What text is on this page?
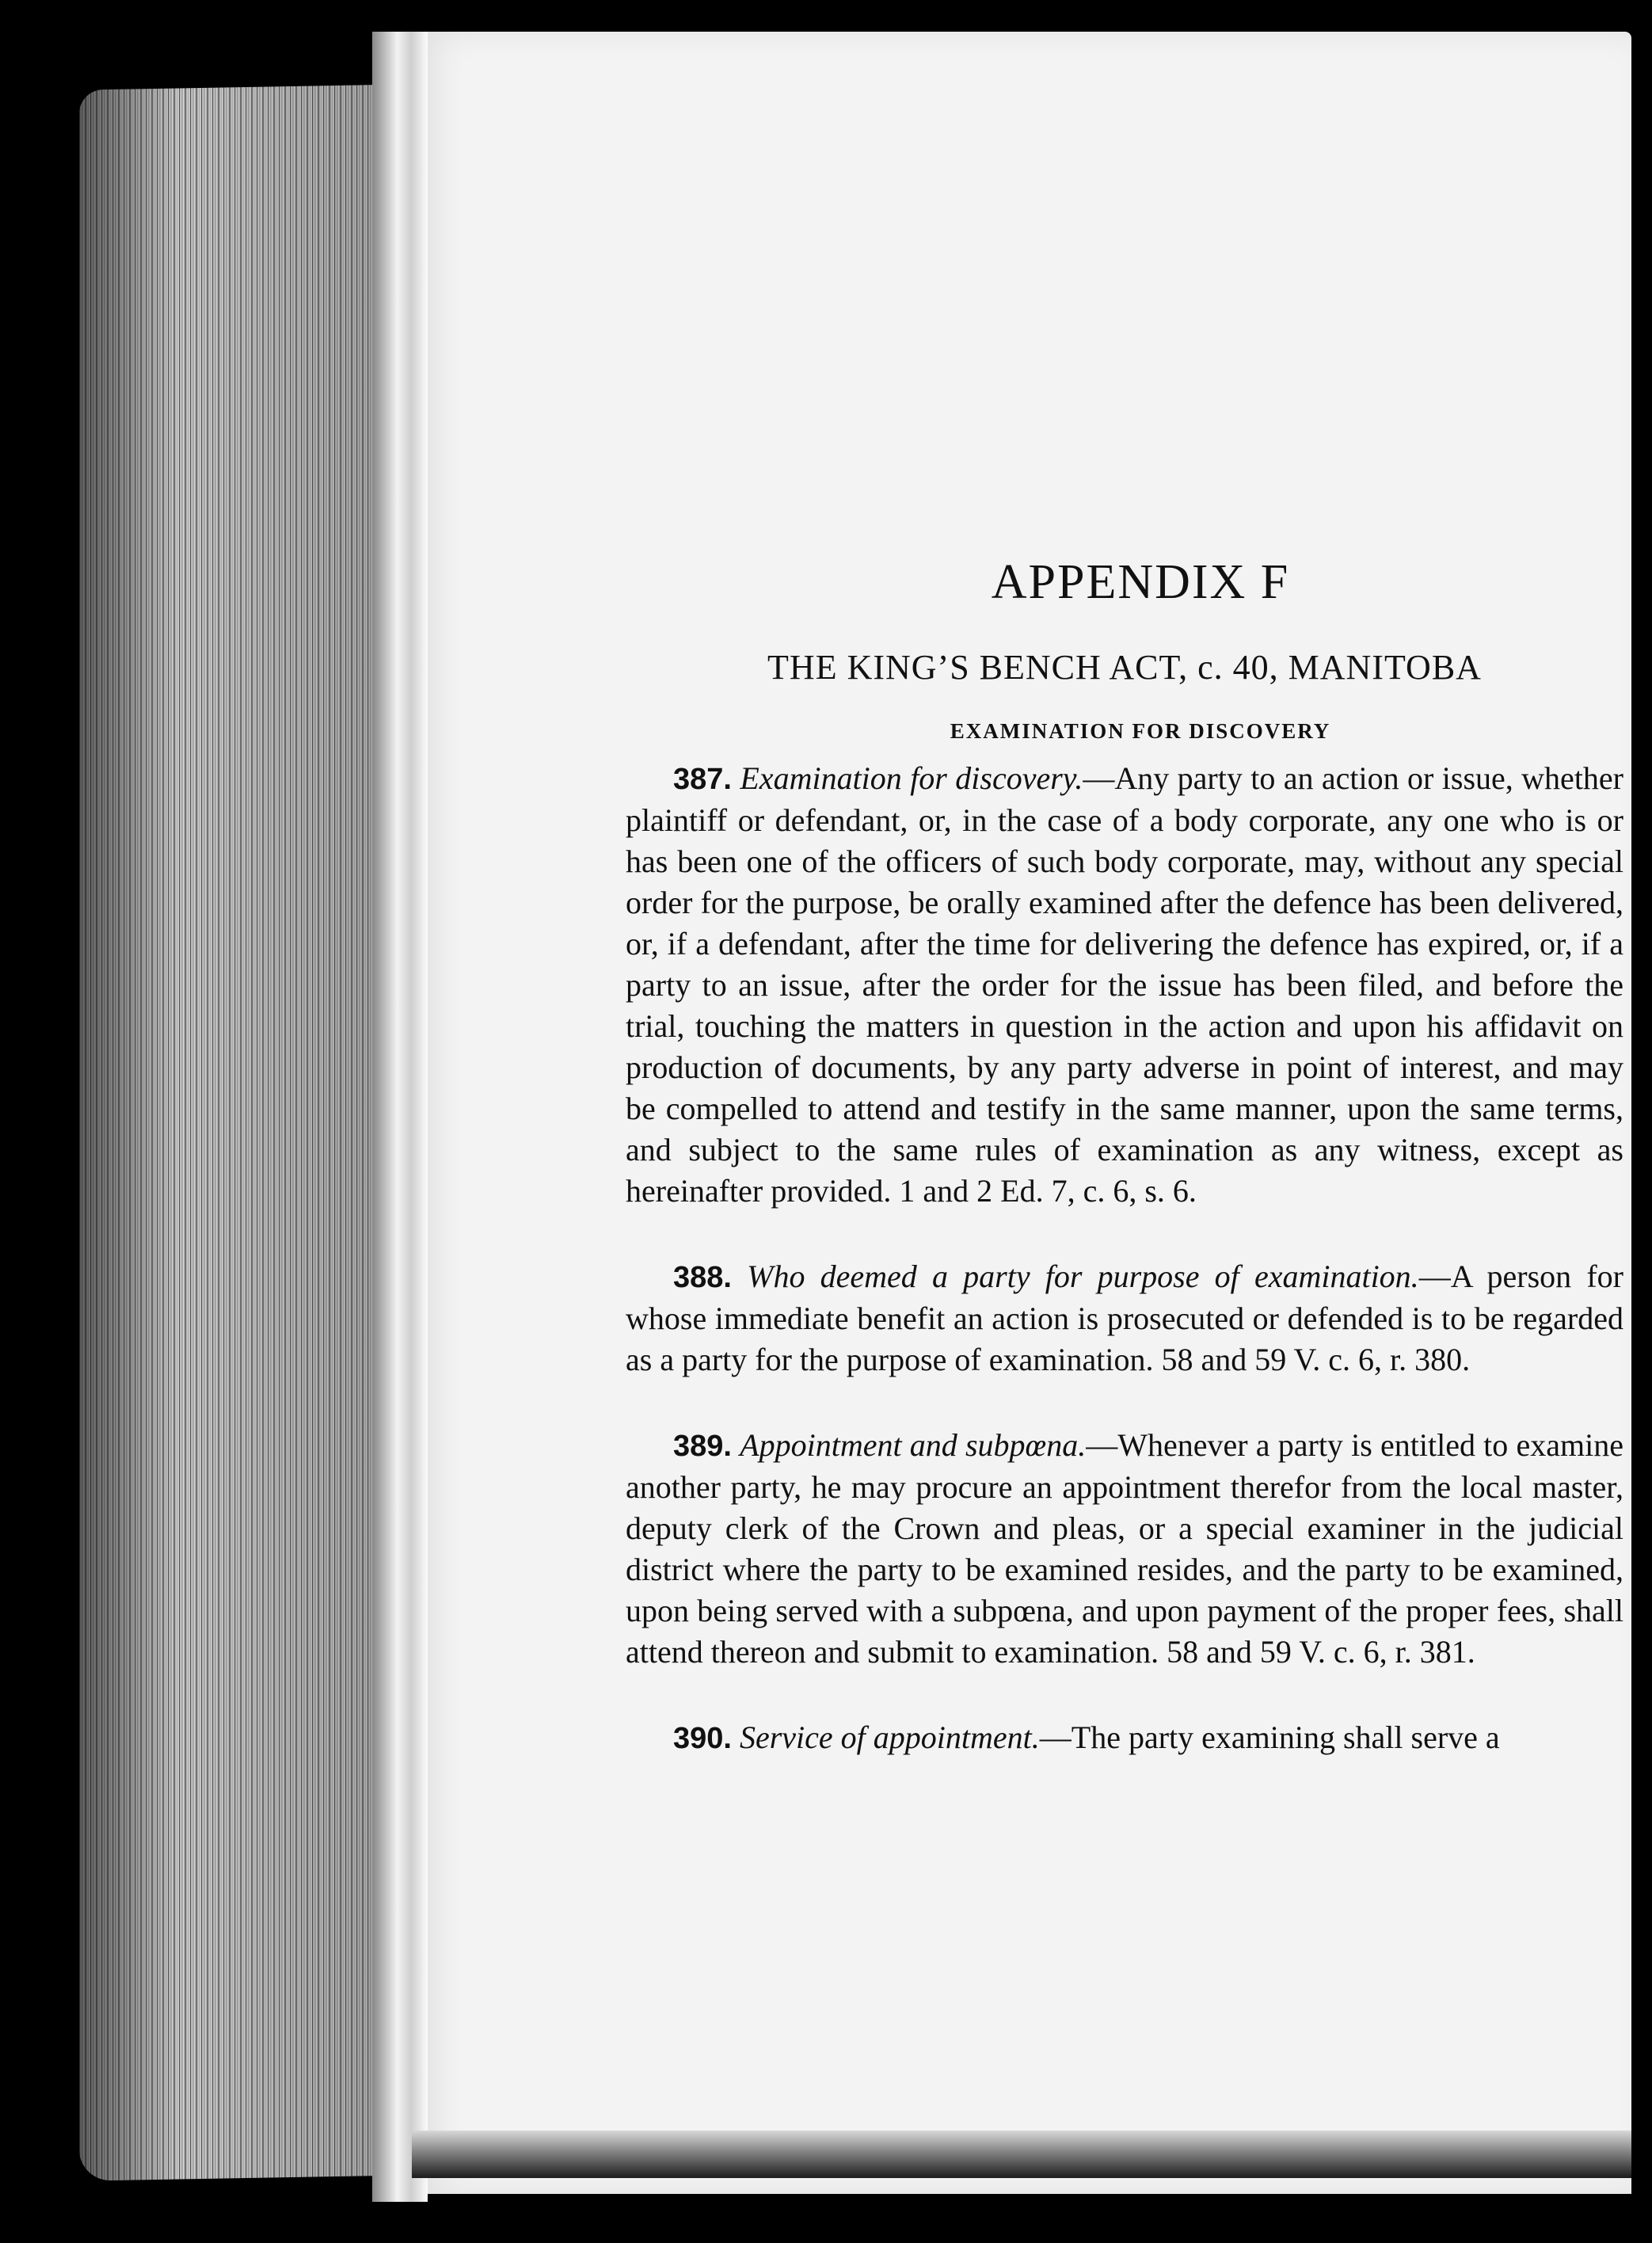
APPENDIX F
THE KING’S BENCH ACT, c. 40, MANITOBA
EXAMINATION FOR DISCOVERY

387. Examination for discovery.—Any party to an action or issue, whether plaintiff or defendant, or, in the case of a body corporate, any one who is or has been one of the officers of such body corporate, may, without any special order for the purpose, be orally examined after the defence has been delivered, or, if a defendant, after the time for delivering the defence has expired, or, if a party to an issue, after the order for the issue has been filed, and before the trial, touching the matters in question in the action and upon his affidavit on production of documents, by any party adverse in point of interest, and may be compelled to attend and testify in the same manner, upon the same terms, and subject to the same rules of examination as any witness, except as hereinafter provided. 1 and 2 Ed. 7, c. 6, s. 6.

388. Who deemed a party for purpose of examination.—A person for whose immediate benefit an action is prosecuted or defended is to be regarded as a party for the purpose of examination. 58 and 59 V. c. 6, r. 380.

389. Appointment and subpœna.—Whenever a party is entitled to examine another party, he may procure an appointment therefor from the local master, deputy clerk of the Crown and pleas, or a special examiner in the judicial district where the party to be examined resides, and the party to be examined, upon being served with a subpœna, and upon payment of the proper fees, shall attend thereon and submit to examination. 58 and 59 V. c. 6, r. 381.

390. Service of appointment.—The party examining shall serve a
